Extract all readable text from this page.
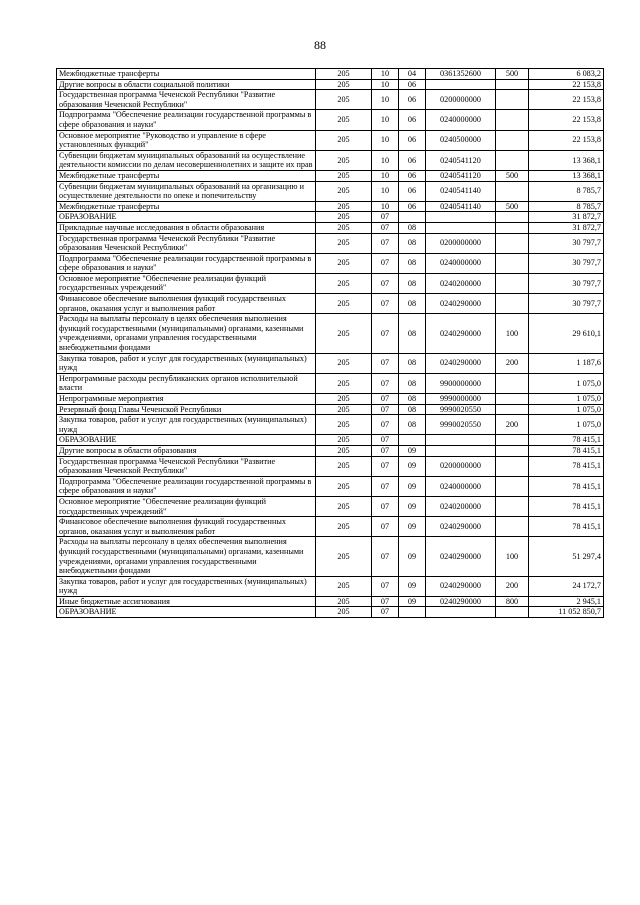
88
Межбюджетные трансферты	205	10	04	0361352600	500	6 083,2
Другие вопросы в области социальной политики	205	10	06			22 153,8
Государственная программа Чеченской Республики "Развитие образования Чеченской Республики"	205	10	06	0200000000		22 153,8
Подпрограмма "Обеспечение реализации государственной программы в сфере образования и науки"	205	10	06	0240000000		22 153,8
Основное мероприятие "Руководство и управление в сфере установленных функций"	205	10	06	0240500000		22 153,8
Субвенции бюджетам муниципальных образований на осуществление деятельности комиссии по делам несовершеннолетних и защите их прав	205	10	06	0240541120		13 368,1
Межбюджетные трансферты	205	10	06	0240541120	500	13 368,1
Субвенции бюджетам муниципальных образований на организацию и осуществление деятельности по опеке и попечительству	205	10	06	0240541140		8 785,7
Межбюджетные трансферты	205	10	06	0240541140	500	8 785,7
ОБРАЗОВАНИЕ	205	07				31 872,7
Прикладные научные исследования в области образования	205	07	08			31 872,7
Государственная программа Чеченской Республики "Развитие образования Чеченской Республики"	205	07	08	0200000000		30 797,7
Подпрограмма "Обеспечение реализации государственной программы в сфере образования и науки"	205	07	08	0240000000		30 797,7
Основное мероприятие "Обеспечение реализации функций государственных учреждений"	205	07	08	0240200000		30 797,7
Финансовое обеспечение выполнения функций государственных органов, оказания услуг и выполнения работ	205	07	08	0240290000		30 797,7
Расходы на выплаты персоналу в целях обеспечения выполнения функций государственными (муниципальными) органами, казенными учреждениями, органами управления государственными внебюджетными фондами	205	07	08	0240290000	100	29 610,1
Закупка товаров, работ и услуг для государственных (муниципальных) нужд	205	07	08	0240290000	200	1 187,6
Непрограммные расходы республиканских органов исполнительной власти	205	07	08	9900000000		1 075,0
Непрограммные мероприятия	205	07	08	9990000000		1 075,0
Резервный фонд Главы Чеченской Республики	205	07	08	9990020550		1 075,0
Закупка товаров, работ и услуг для государственных (муниципальных) нужд	205	07	08	9990020550	200	1 075,0
ОБРАЗОВАНИЕ	205	07				78 415,1
Другие вопросы в области образования	205	07	09			78 415,1
Государственная программа Чеченской Республики "Развитие образования Чеченской Республики"	205	07	09	0200000000		78 415,1
Подпрограмма "Обеспечение реализации государственной программы в сфере образования и науки"	205	07	09	0240000000		78 415,1
Основное мероприятие "Обеспечение реализации функций государственных учреждений"	205	07	09	0240200000		78 415,1
Финансовое обеспечение выполнения функций государственных органов, оказания услуг и выполнения работ	205	07	09	0240290000		78 415,1
Расходы на выплаты персоналу в целях обеспечения выполнения функций государственными (муниципальными) органами, казенными учреждениями, органами управления государственными внебюджетными фондами	205	07	09	0240290000	100	51 297,4
Закупка товаров, работ и услуг для государственных (муниципальных) нужд	205	07	09	0240290000	200	24 172,7
Иные бюджетные ассигнования	205	07	09	0240290000	800	2 945,1
ОБРАЗОВАНИЕ	205	07				11 052 850,7
